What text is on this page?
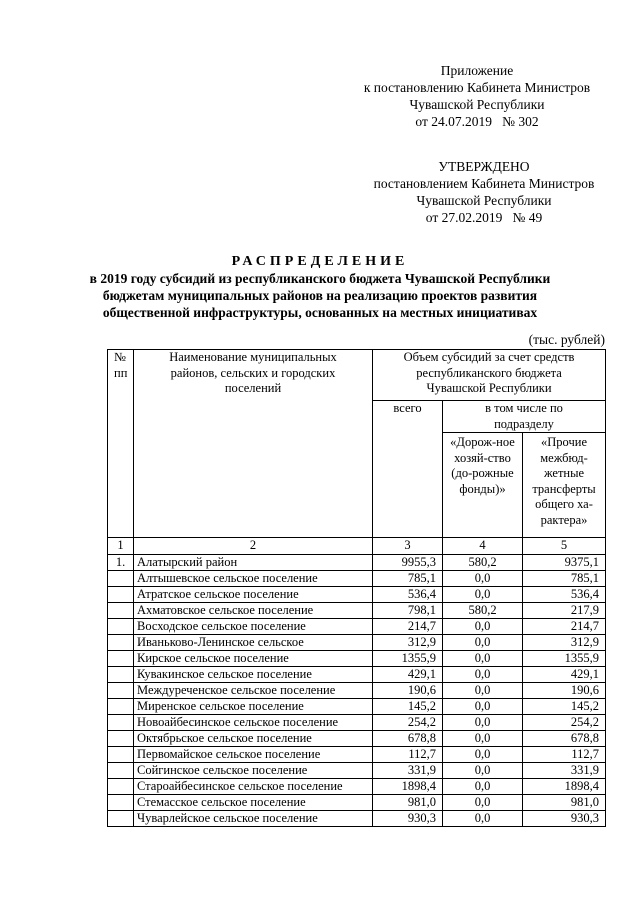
Приложение
к постановлению Кабинета Министров
Чувашской Республики
от 24.07.2019   № 302
УТВЕРЖДЕНО
постановлением Кабинета Министров
Чувашской Республики
от 27.02.2019   № 49
РАСПРЕДЕЛЕНИЕ
в 2019 году субсидий из республиканского бюджета Чувашской Республики
бюджетам муниципальных районов на реализацию проектов развития
общественной инфраструктуры, основанных на местных инициативах
(тыс. рублей)
№ пп	Наименование муниципальных районов, сельских и городских поселений	Объем субсидий за счет средств республиканского бюджета Чувашской Республики		
		всего	в том числе по подразделу	
			«Дорож-ное хозяй-ство (до-рожные фонды)»	«Прочие межбюд-жетные трансферты общего ха-рактера»
1	2	3	4	5
1.	Алатырский район	9955,3	580,2	9375,1
	Алтышевское сельское поселение	785,1	0,0	785,1
	Атратское сельское поселение	536,4	0,0	536,4
	Ахматовское сельское поселение	798,1	580,2	217,9
	Восходское сельское поселение	214,7	0,0	214,7
	Иваньково-Ленинское сельское	312,9	0,0	312,9
	Кирское сельское поселение	1355,9	0,0	1355,9
	Кувакинское сельское поселение	429,1	0,0	429,1
	Междуреченское сельское поселение	190,6	0,0	190,6
	Миренское сельское поселение	145,2	0,0	145,2
	Новоайбесинское сельское поселение	254,2	0,0	254,2
	Октябрьское сельское поселение	678,8	0,0	678,8
	Первомайское сельское поселение	112,7	0,0	112,7
	Сойгинское сельское поселение	331,9	0,0	331,9
	Староайбесинское сельское поселение	1898,4	0,0	1898,4
	Стемасское сельское поселение	981,0	0,0	981,0
	Чуварлейское сельское поселение	930,3	0,0	930,3
